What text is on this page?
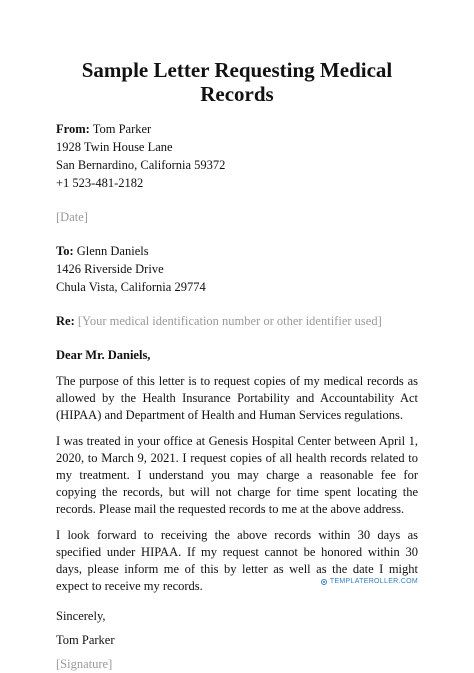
Sample Letter Requesting Medical Records
From: Tom Parker
1928 Twin House Lane
San Bernardino, California 59372
+1 523-481-2182
[Date]
To: Glenn Daniels
1426 Riverside Drive
Chula Vista, California 29774
Re: [Your medical identification number or other identifier used]
Dear Mr. Daniels,
The purpose of this letter is to request copies of my medical records as allowed by the Health Insurance Portability and Accountability Act (HIPAA) and Department of Health and Human Services regulations.
I was treated in your office at Genesis Hospital Center between April 1, 2020, to March 9, 2021. I request copies of all health records related to my treatment. I understand you may charge a reasonable fee for copying the records, but will not charge for time spent locating the records. Please mail the requested records to me at the above address.
I look forward to receiving the above records within 30 days as specified under HIPAA. If my request cannot be honored within 30 days, please inform me of this by letter as well as the date I might expect to receive my records.
Sincerely,
Tom Parker
[Signature]
TEMPLATEROLLER.COM
